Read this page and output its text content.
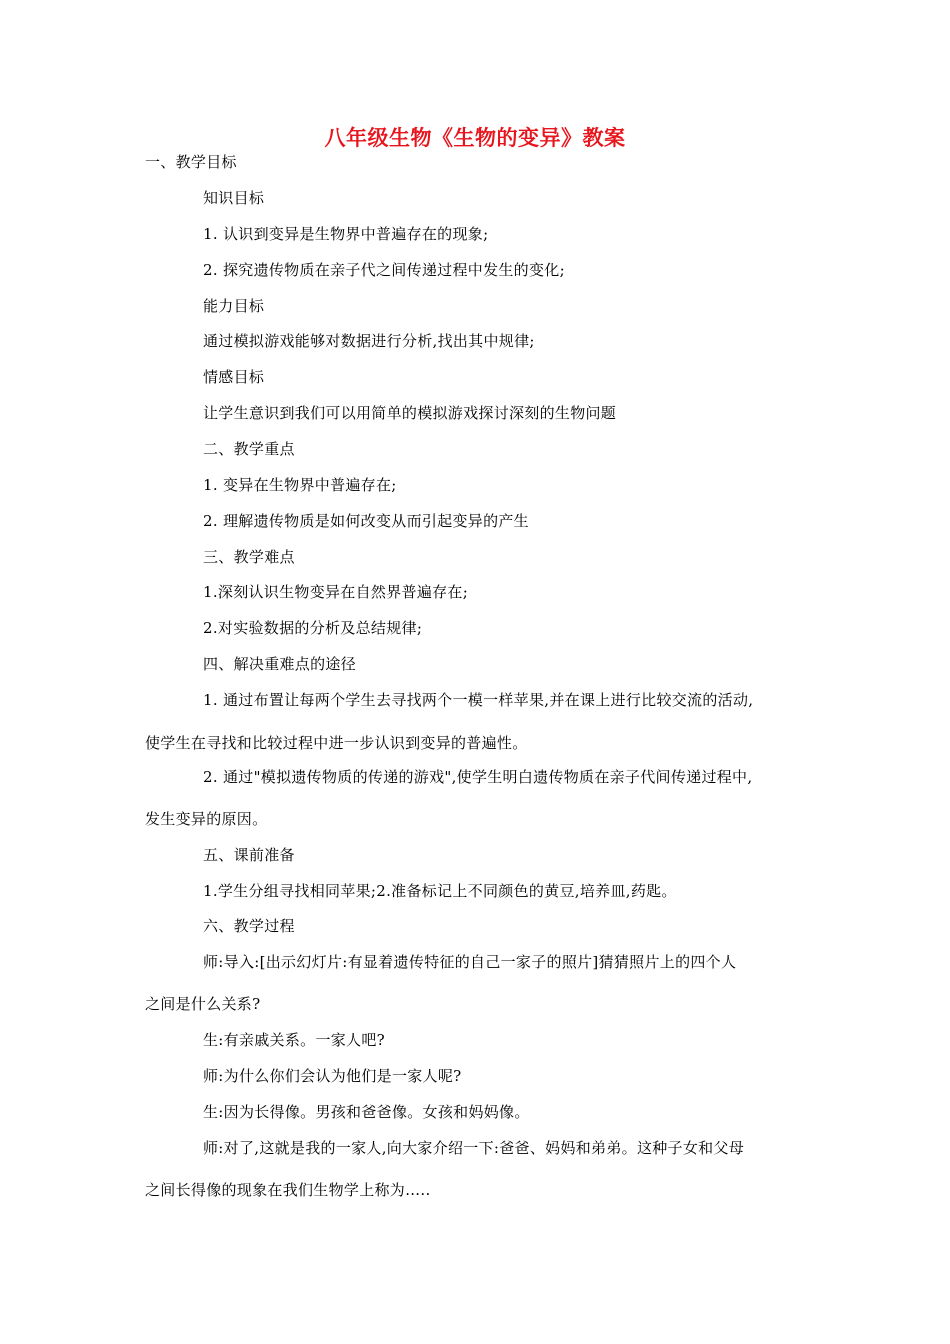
八年级生物《生物的变异》教案
一、教学目标
知识目标
1. 认识到变异是生物界中普遍存在的现象;
2. 探究遗传物质在亲子代之间传递过程中发生的变化;
能力目标
通过模拟游戏能够对数据进行分析,找出其中规律;
情感目标
让学生意识到我们可以用简单的模拟游戏探讨深刻的生物问题
二、教学重点
1. 变异在生物界中普遍存在;
2. 理解遗传物质是如何改变从而引起变异的产生
三、教学难点
1.深刻认识生物变异在自然界普遍存在;
2.对实验数据的分析及总结规律;
四、解决重难点的途径
1. 通过布置让每两个学生去寻找两个一模一样苹果,并在课上进行比较交流的活动,
使学生在寻找和比较过程中进一步认识到变异的普遍性。
2. 通过"模拟遗传物质的传递的游戏",使学生明白遗传物质在亲子代间传递过程中,
发生变异的原因。
五、课前准备
1.学生分组寻找相同苹果;2.准备标记上不同颜色的黄豆,培养皿,药匙。
六、教学过程
师:导入:[出示幻灯片:有显着遗传特征的自己一家子的照片]猜猜照片上的四个人
之间是什么关系?
生:有亲戚关系。一家人吧?
师:为什么你们会认为他们是一家人呢?
生:因为长得像。男孩和爸爸像。女孩和妈妈像。
师:对了,这就是我的一家人,向大家介绍一下:爸爸、妈妈和弟弟。这种子女和父母
之间长得像的现象在我们生物学上称为…..
